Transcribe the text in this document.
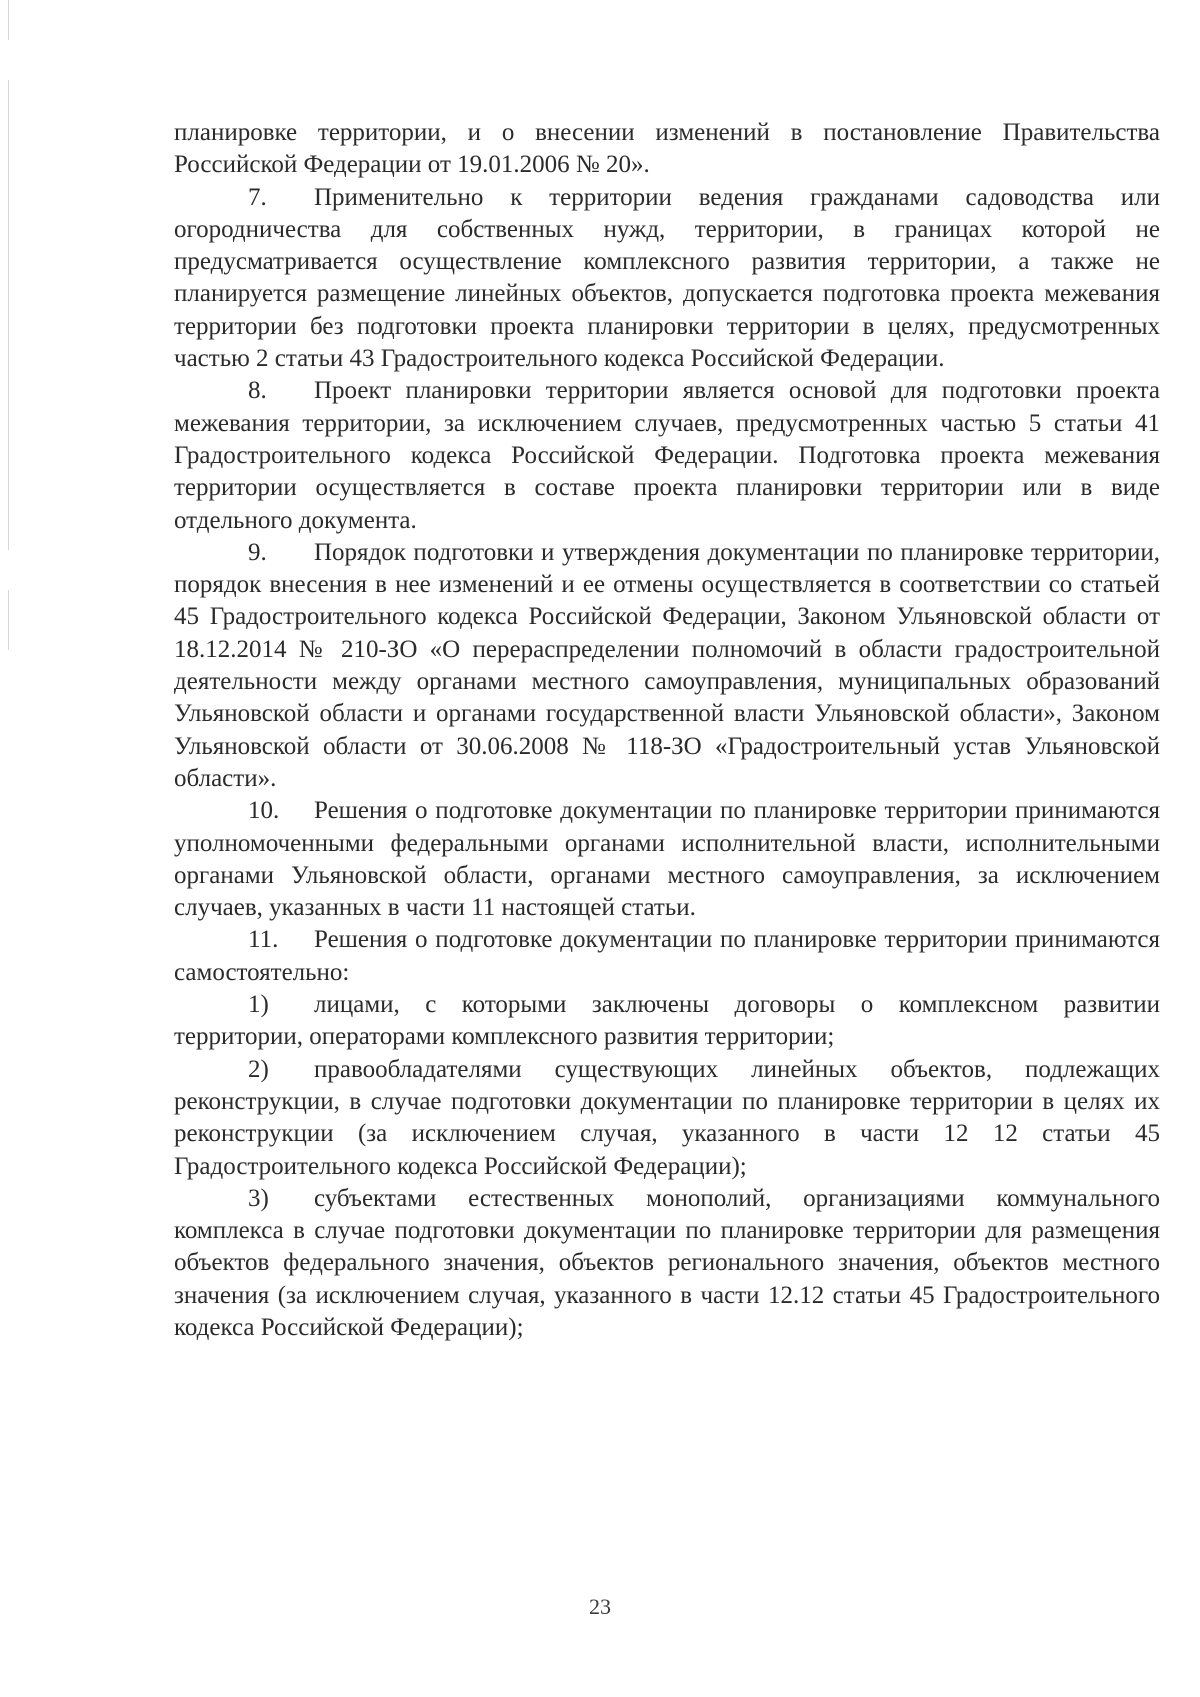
планировке территории, и о внесении изменений в постановление Правительства Российской Федерации от 19.01.2006 № 20».

7. Применительно к территории ведения гражданами садоводства или огородничества для собственных нужд, территории, в границах которой не предусматривается осуществление комплексного развития территории, а также не планируется размещение линейных объектов, допускается подготовка проекта межевания территории без подготовки проекта планировки территории в целях, предусмотренных частью 2 статьи 43 Градостроительного кодекса Российской Федерации.

8. Проект планировки территории является основой для подготовки проекта межевания территории, за исключением случаев, предусмотренных частью 5 статьи 41 Градостроительного кодекса Российской Федерации. Подготовка проекта межевания территории осуществляется в составе проекта планировки территории или в виде отдельного документа.

9. Порядок подготовки и утверждения документации по планировке территории, порядок внесения в нее изменений и ее отмены осуществляется в соответствии со статьей 45 Градостроительного кодекса Российской Федерации, Законом Ульяновской области от 18.12.2014 № 210-ЗО «О перераспределении полномочий в области градостроительной деятельности между органами местного самоуправления, муниципальных образований Ульяновской области и органами государственной власти Ульяновской области», Законом Ульяновской области от 30.06.2008 № 118-ЗО «Градостроительный устав Ульяновской области».

10. Решения о подготовке документации по планировке территории принимаются уполномоченными федеральными органами исполнительной власти, исполнительными органами Ульяновской области, органами местного самоуправления, за исключением случаев, указанных в части 11 настоящей статьи.

11. Решения о подготовке документации по планировке территории принимаются самостоятельно:

1) лицами, с которыми заключены договоры о комплексном развитии территории, операторами комплексного развития территории;

2) правообладателями существующих линейных объектов, подлежащих реконструкции, в случае подготовки документации по планировке территории в целях их реконструкции (за исключением случая, указанного в части 12 12 статьи 45 Градостроительного кодекса Российской Федерации);

3) субъектами естественных монополий, организациями коммунального комплекса в случае подготовки документации по планировке территории для размещения объектов федерального значения, объектов регионального значения, объектов местного значения (за исключением случая, указанного в части 12.12 статьи 45 Градостроительного кодекса Российской Федерации);

23
